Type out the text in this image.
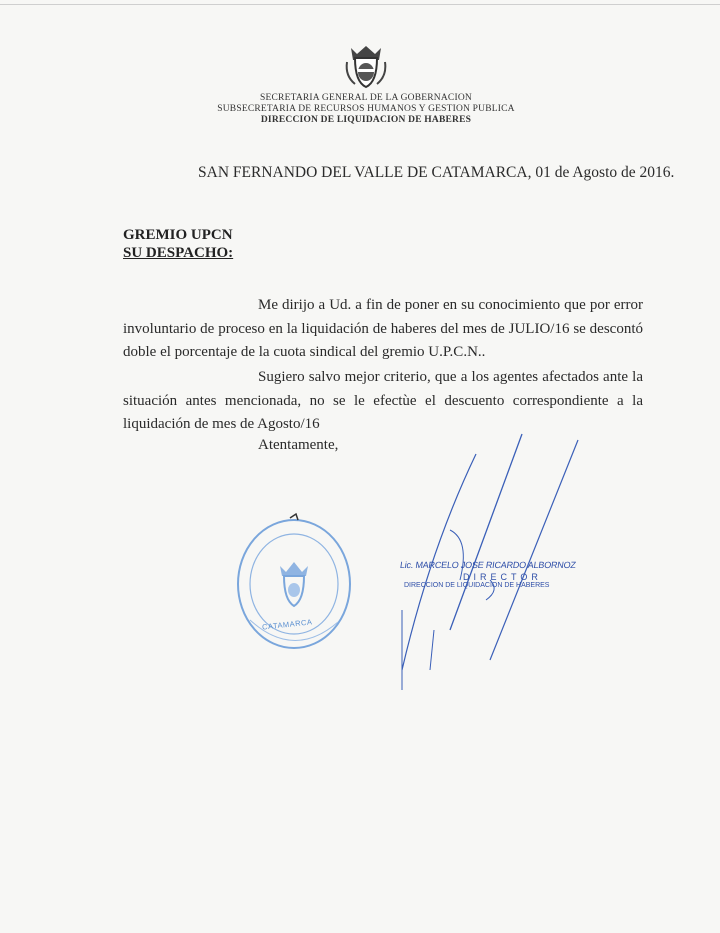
SECRETARIA GENERAL DE LA GOBERNACION
SUBSECRETARIA DE RECURSOS HUMANOS Y GESTION PUBLICA
DIRECCION DE LIQUIDACION DE HABERES
SAN FERNANDO DEL VALLE DE CATAMARCA, 01 de Agosto de 2016.
GREMIO UPCN
SU DESPACHO:
Me dirijo a Ud. a fin de poner en su conocimiento que por error involuntario de proceso en la liquidación de haberes del mes de JULIO/16 se descontó doble el porcentaje de la cuota sindical del gremio U.P.C.N..
Sugiero salvo mejor criterio, que a los agentes afectados ante la situación antes mencionada, no se le efectùe el descuento correspondiente a la liquidación de mes de Agosto/16
Atentamente,
CATAMARCA
Lic. MARCELO JOSE RICARDO ALBORNOZ
DIRECTOR
DIRECCION DE LIQUIDACION DE HABERES
